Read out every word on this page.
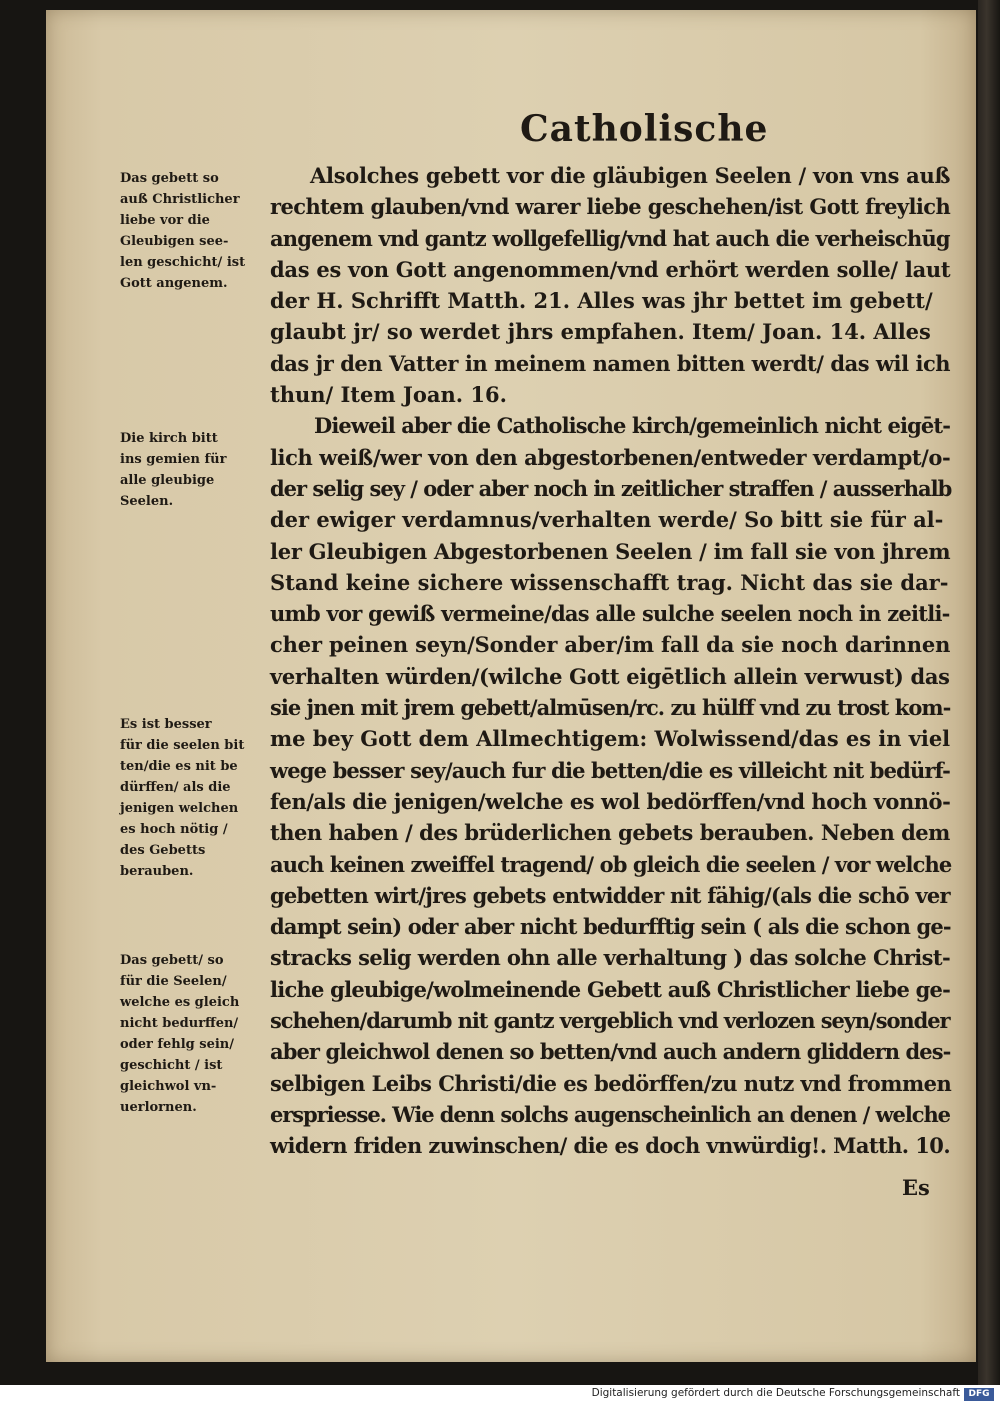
Catholische
Das gebett so
auß Christlicher
liebe vor die
Gleubigen see-
len geschicht/ ist
Gott angenem.
Die kirch bitt
ins gemien für
alle gleubige
Seelen.
Es ist besser
für die seelen bit
ten/die es nit be
dürffen/ als die
jenigen welchen
es hoch nötig /
des Gebetts
berauben.
Das gebett/ so
für die Seelen/
welche es gleich
nicht bedurffen/
oder fehlg sein/
geschicht / ist
gleichwol vn-
uerlornen.
Alsolches gebett vor die gläubigen Seelen / von vns auß
rechtem glauben/vnd warer liebe geschehen/ist Gott freylich
angenem vnd gantz wollgefellig/vnd hat auch die verheischūg
das es von Gott angenommen/vnd erhört werden solle/ laut
der H. Schrifft Matth. 21. Alles was jhr bettet im gebett/
glaubt jr/ so werdet jhrs empfahen. Item/ Joan. 14. Alles
das jr den Vatter in meinem namen bitten werdt/ das wil ich
thun/ Item Joan. 16.
Dieweil aber die Catholische kirch/gemeinlich nicht eigēt-
lich weiß/wer von den abgestorbenen/entweder verdampt/o-
der selig sey / oder aber noch in zeitlicher straffen / ausserhalb
der ewiger verdamnus/verhalten werde/ So bitt sie für al-
ler Gleubigen Abgestorbenen Seelen / im fall sie von jhrem
Stand keine sichere wissenschafft trag. Nicht das sie dar-
umb vor gewiß vermeine/das alle sulche seelen noch in zeitli-
cher peinen seyn/Sonder aber/im fall da sie noch darinnen
verhalten würden/(wilche Gott eigētlich allein verwust) das
sie jnen mit jrem gebett/almūsen/rc. zu hülff vnd zu trost kom-
me bey Gott dem Allmechtigem: Wolwissend/das es in viel
wege besser sey/auch fur die betten/die es villeicht nit bedürf-
fen/als die jenigen/welche es wol bedörffen/vnd hoch vonnö-
then haben / des brüderlichen gebets berauben. Neben dem
auch keinen zweiffel tragend/ ob gleich die seelen / vor welche
gebetten wirt/jres gebets entwidder nit fähig/(als die schō ver
dampt sein) oder aber nicht bedurfftig sein ( als die schon ge-
stracks selig werden ohn alle verhaltung ) das solche Christ-
liche gleubige/wolmeinende Gebett auß Christlicher liebe ge-
schehen/darumb nit gantz vergeblich vnd verlozen seyn/sonder
aber gleichwol denen so betten/vnd auch andern gliddern des-
selbigen Leibs Christi/die es bedörffen/zu nutz vnd frommen
erspriesse. Wie denn solchs augenscheinlich an denen / welche
widern friden zuwinschen/ die es doch vnwürdig!. Matth. 10.
Es
Digitalisierung gefördert durch die Deutsche Forschungsgemeinschaft DFG
